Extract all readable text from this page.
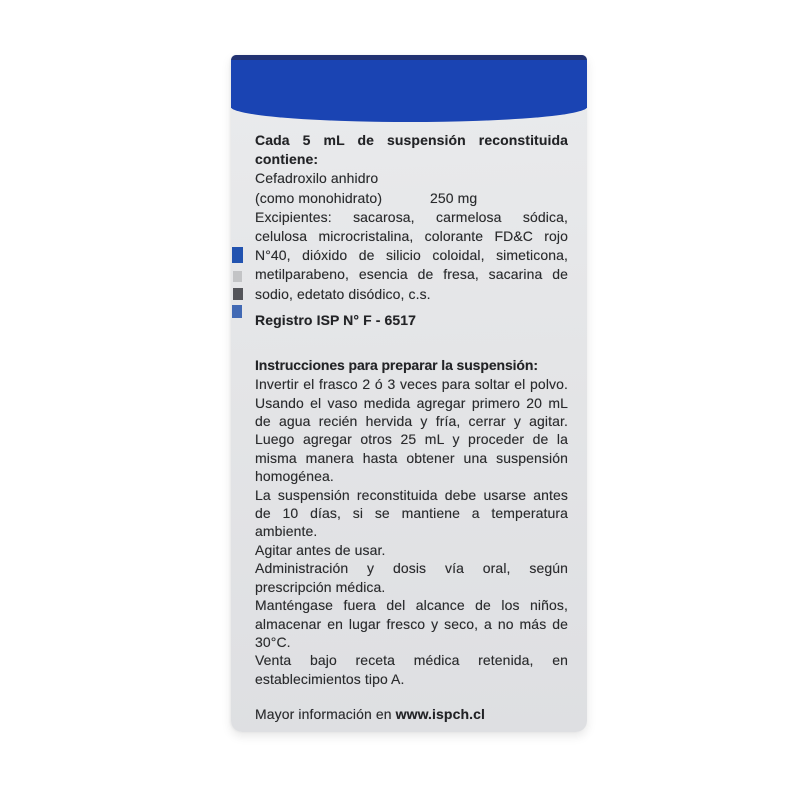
Cada 5 mL de suspensión reconstituida contiene:

Cefadroxilo anhidro

(como monohidrato)	250 mg

Excipientes: sacarosa, carmelosa sódica, celulosa microcristalina, colorante FD&C rojo N°40, dióxido de silicio coloidal, simeticona, metilparabeno, esencia de fresa, sacarina de sodio, edetato disódico, c.s.

Registro ISP N° F - 6517

Instrucciones para preparar la suspensión:

Invertir el frasco 2 ó 3 veces para soltar el polvo. Usando el vaso medida agregar primero 20 mL de agua recién hervida y fría, cerrar y agitar. Luego agregar otros 25 mL y proceder de la misma manera hasta obtener una suspensión homogénea.

La suspensión reconstituida debe usarse antes de 10 días, si se mantiene a temperatura ambiente.

Agitar antes de usar.

Administración y dosis vía oral, según prescripción médica.

Manténgase fuera del alcance de los niños, almacenar en lugar fresco y seco, a no más de 30°C.

Venta bajo receta médica retenida, en establecimientos tipo A.

Mayor información en www.ispch.cl
